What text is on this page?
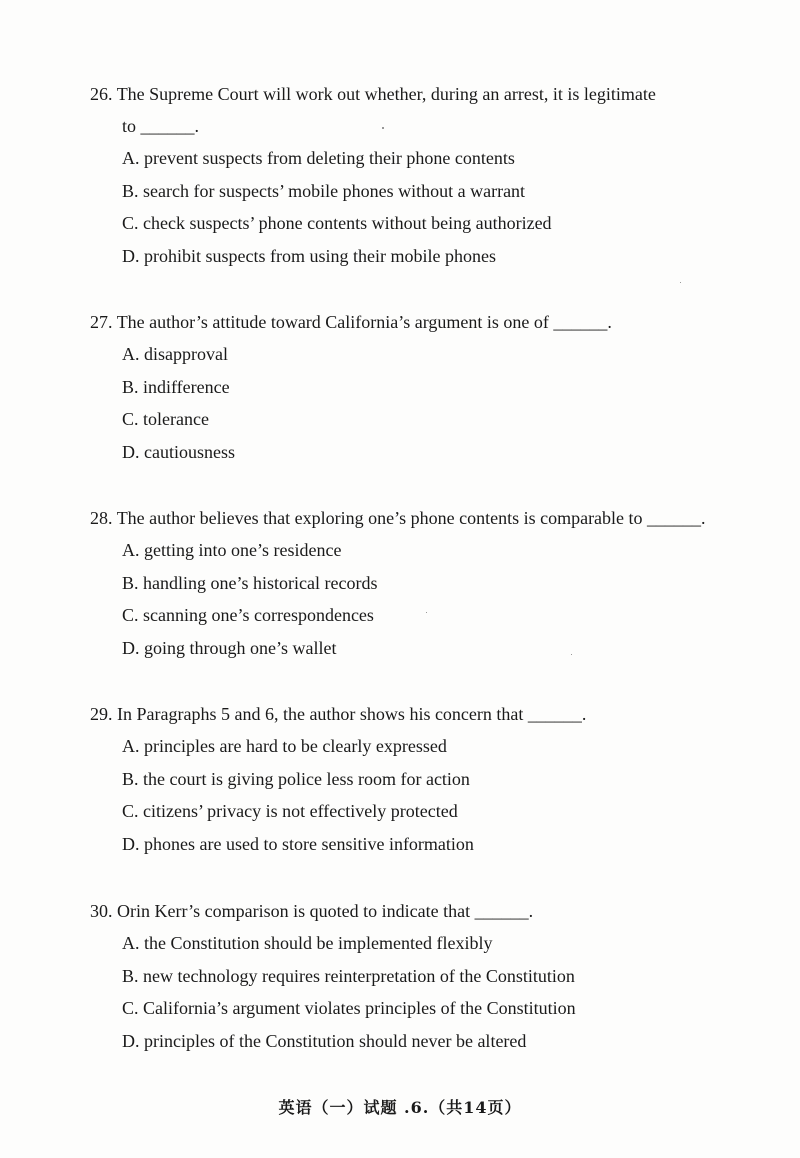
26. The Supreme Court will work out whether, during an arrest, it is legitimate
to ______.
A. prevent suspects from deleting their phone contents
B. search for suspects’ mobile phones without a warrant
C. check suspects’ phone contents without being authorized
D. prohibit suspects from using their mobile phones
27. The author’s attitude toward California’s argument is one of ______.
A. disapproval
B. indifference
C. tolerance
D. cautiousness
28. The author believes that exploring one’s phone contents is comparable to ______.
A. getting into one’s residence
B. handling one’s historical records
C. scanning one’s correspondences
D. going through one’s wallet
29. In Paragraphs 5 and 6, the author shows his concern that ______.
A. principles are hard to be clearly expressed
B. the court is giving police less room for action
C. citizens’ privacy is not effectively protected
D. phones are used to store sensitive information
30. Orin Kerr’s comparison is quoted to indicate that ______.
A. the Constitution should be implemented flexibly
B. new technology requires reinterpretation of the Constitution
C. California’s argument violates principles of the Constitution
D. principles of the Constitution should never be altered
英语（一）试题 .6.（共14页）
